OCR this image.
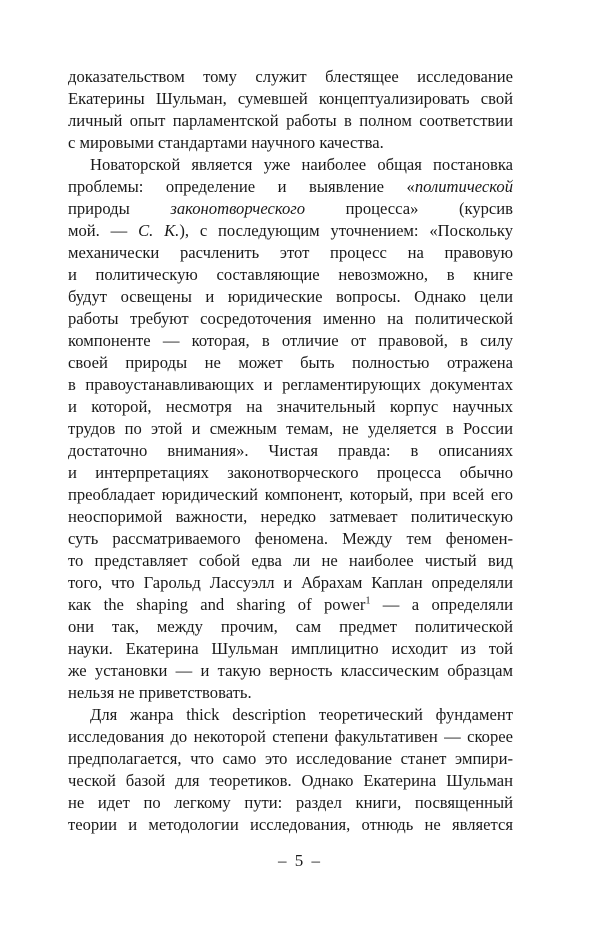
доказательством тому служит блестящее исследование
Екатерины Шульман, сумевшей концептуализировать свой
личный опыт парламентской работы в полном соответствии
с мировыми стандартами научного качества.
Новаторской является уже наиболее общая постановка
проблемы: определение и выявление «политической
природы законотворческого процесса» (курсив
мой. — С. К.), с последующим уточнением: «Поскольку
механически расчленить этот процесс на правовую
и политическую составляющие невозможно, в книге
будут освещены и юридические вопросы. Однако цели
работы требуют сосредоточения именно на политической
компоненте — которая, в отличие от правовой, в силу
своей природы не может быть полностью отражена
в правоустанавливающих и регламентирующих документах
и которой, несмотря на значительный корпус научных
трудов по этой и смежным темам, не уделяется в России
достаточно внимания». Чистая правда: в описаниях
и интерпретациях законотворческого процесса обычно
преобладает юридический компонент, который, при всей его
неоспоримой важности, нередко затмевает политическую
суть рассматриваемого феномена. Между тем феномен-
то представляет собой едва ли не наиболее чистый вид
того, что Гарольд Лассуэлл и Абрахам Каплан определяли
как the shaping and sharing of power$^1$ — а определяли
они так, между прочим, сам предмет политической
науки. Екатерина Шульман имплицитно исходит из той
же установки — и такую верность классическим образцам
нельзя не приветствовать.
Для жанра thick description теоретический фундамент
исследования до некоторой степени факультативен — скорее
предполагается, что само это исследование станет эмпири-
ческой базой для теоретиков. Однако Екатерина Шульман
не идет по легкому пути: раздел книги, посвященный
теории и методологии исследования, отнюдь не является
– 5 –
